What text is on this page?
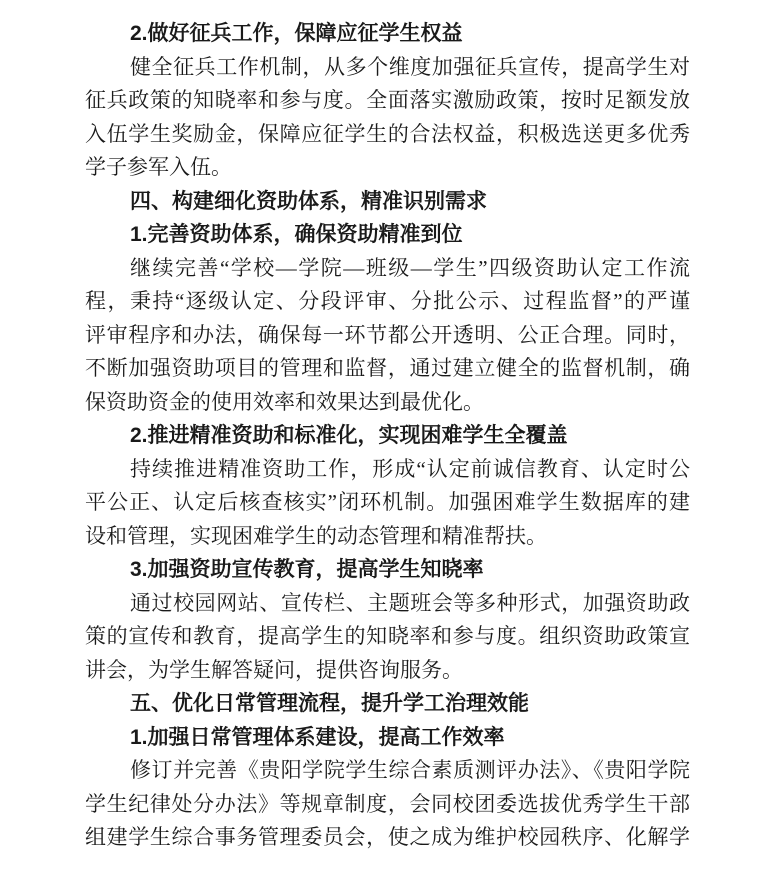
2.做好征兵工作，保障应征学生权益
健全征兵工作机制，从多个维度加强征兵宣传，提高学生对
征兵政策的知晓率和参与度。全面落实激励政策，按时足额发放
入伍学生奖励金，保障应征学生的合法权益，积极选送更多优秀
学子参军入伍。
四、构建细化资助体系，精准识别需求
1.完善资助体系，确保资助精准到位
继续完善“学校—学院—班级—学生”四级资助认定工作流
程，秉持“逐级认定、分段评审、分批公示、过程监督”的严谨
评审程序和办法，确保每一环节都公开透明、公正合理。同时，
不断加强资助项目的管理和监督，通过建立健全的监督机制，确
保资助资金的使用效率和效果达到最优化。
2.推进精准资助和标准化，实现困难学生全覆盖
持续推进精准资助工作，形成“认定前诚信教育、认定时公
平公正、认定后核查核实”闭环机制。加强困难学生数据库的建
设和管理，实现困难学生的动态管理和精准帮扶。
3.加强资助宣传教育，提高学生知晓率
通过校园网站、宣传栏、主题班会等多种形式，加强资助政
策的宣传和教育，提高学生的知晓率和参与度。组织资助政策宣
讲会，为学生解答疑问，提供咨询服务。
五、优化日常管理流程，提升学工治理效能
1.加强日常管理体系建设，提高工作效率
修订并完善《贵阳学院学生综合素质测评办法》、《贵阳学院
学生纪律处分办法》等规章制度，会同校团委选拔优秀学生干部
组建学生综合事务管理委员会，使之成为维护校园秩序、化解学
